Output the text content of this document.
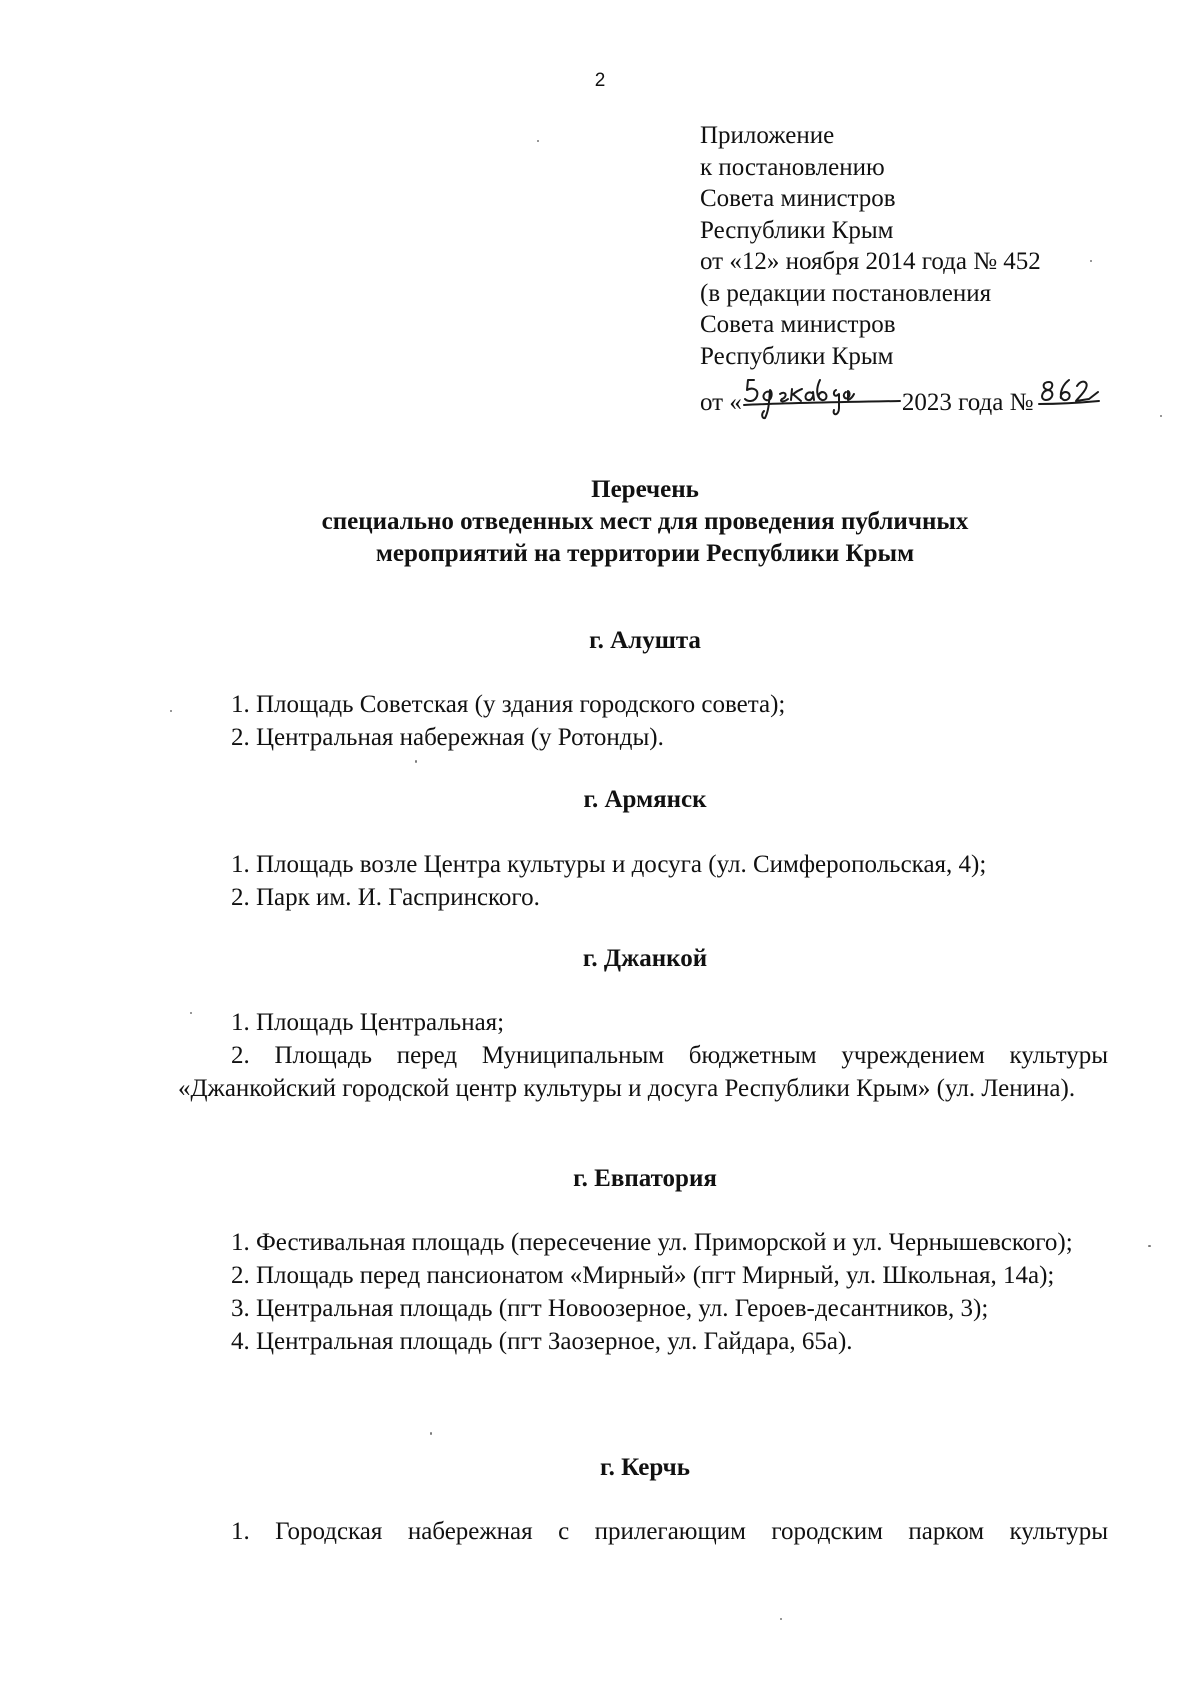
2
Приложение
к постановлению
Совета министров
Республики Крым
от «12» ноября 2014 года № 452
(в редакции постановления
Совета министров
Республики Крым
от «	2023 года №
Перечень
специально отведенных мест для проведения публичных
мероприятий на территории Республики Крым
г. Алушта
1. Площадь Советская (у здания городского совета);
2. Центральная набережная (у Ротонды).
г. Армянск
1. Площадь возле Центра культуры и досуга (ул. Симферопольская, 4);
2. Парк им. И. Гаспринского.
г. Джанкой
1. Площадь Центральная;
2. Площадь перед Муниципальным бюджетным учреждением культуры «Джанкойский городской центр культуры и досуга Республики Крым» (ул. Ленина).
г. Евпатория
1. Фестивальная площадь (пересечение ул. Приморской и ул. Чернышевского);
2. Площадь перед пансионатом «Мирный» (пгт Мирный, ул. Школьная, 14а);
3. Центральная площадь (пгт Новоозерное, ул. Героев-десантников, 3);
4. Центральная площадь (пгт Заозерное, ул. Гайдара, 65а).
г. Керчь
1. Городская набережная с прилегающим городским парком культуры
